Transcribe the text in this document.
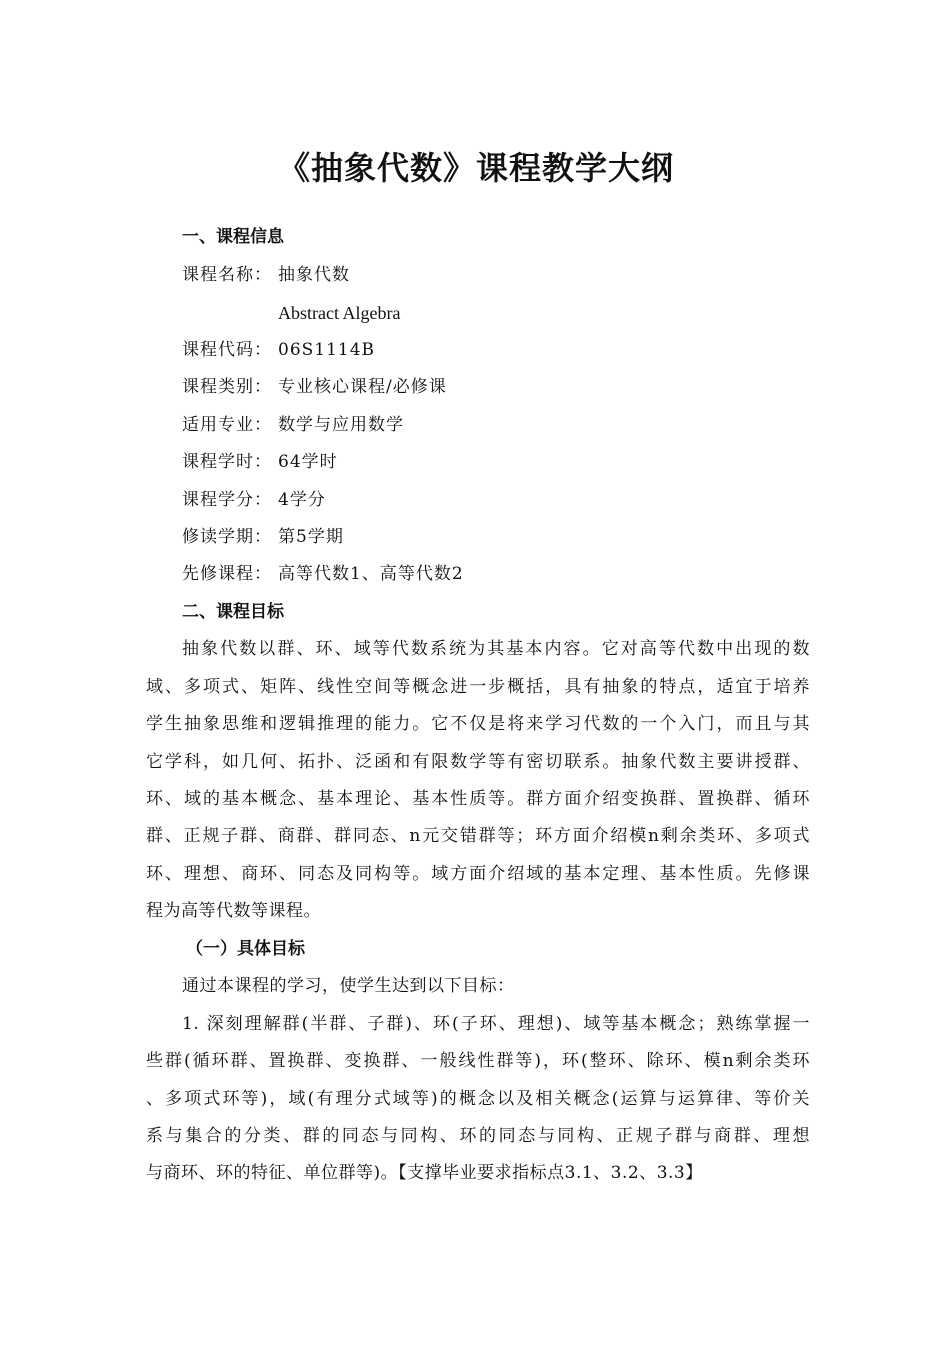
《抽象代数》课程教学大纲
一、课程信息
课程名称： 抽象代数
Abstract Algebra
课程代码： 06S1114B
课程类别： 专业核心课程/必修课
适用专业： 数学与应用数学
课程学时： 64学时
课程学分： 4学分
修读学期： 第5学期
先修课程： 高等代数1、高等代数2
二、课程目标
抽象代数以群、环、域等代数系统为其基本内容。它对高等代数中出现的数
域、多项式、矩阵、线性空间等概念进一步概括，具有抽象的特点，适宜于培养
学生抽象思维和逻辑推理的能力。它不仅是将来学习代数的一个入门，而且与其
它学科，如几何、拓扑、泛函和有限数学等有密切联系。抽象代数主要讲授群、
环、域的基本概念、基本理论、基本性质等。群方面介绍变换群、置换群、循环
群、正规子群、商群、群同态、n元交错群等；环方面介绍模n剩余类环、多项式
环、理想、商环、同态及同构等。域方面介绍域的基本定理、基本性质。先修课
程为高等代数等课程。
（一）具体目标
通过本课程的学习，使学生达到以下目标：
1. 深刻理解群(半群、子群)、环(子环、理想)、域等基本概念；熟练掌握一
些群(循环群、置换群、变换群、一般线性群等)，环(整环、除环、模n剩余类环
、多项式环等)，域(有理分式域等)的概念以及相关概念(运算与运算律、等价关
系与集合的分类、群的同态与同构、环的同态与同构、正规子群与商群、理想
与商环、环的特征、单位群等)。【支撑毕业要求指标点3.1、3.2、3.3】
